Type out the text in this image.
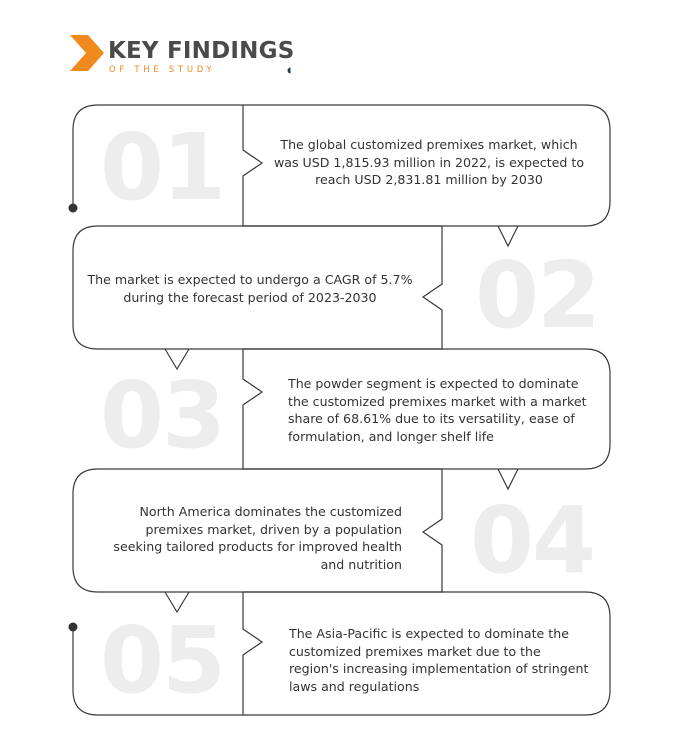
KEY FINDINGS
OF THE STUDY
01	The global customized premixes market, which was USD 1,815.93 million in 2022, is expected to reach USD 2,831.81 million by 2030
02
The market is expected to undergo a CAGR of 5.7% during the forecast period of 2023-2030
03	The powder segment is expected to dominate the customized premixes market with a market share of 68.61% due to its versatility, ease of formulation, and longer shelf life
04
North America dominates the customized premixes market, driven by a population seeking tailored products for improved health and nutrition
05	The Asia-Pacific is expected to dominate the customized premixes market due to the region's increasing implementation of stringent laws and regulations
